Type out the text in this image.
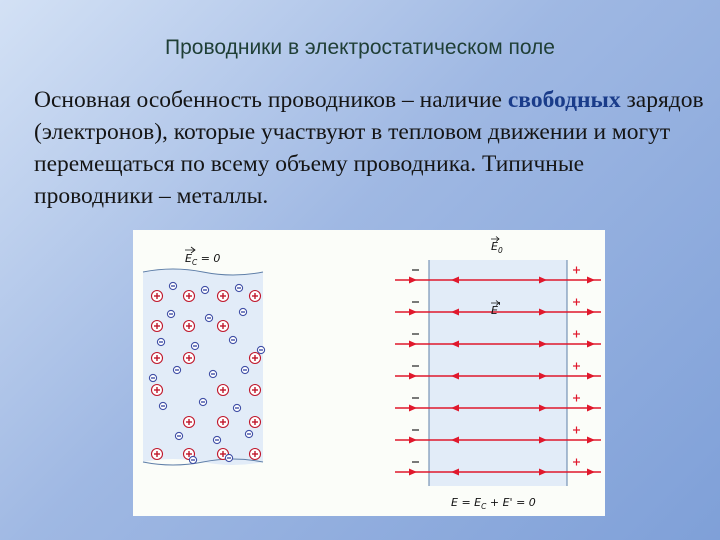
Проводники в электростатическом поле
Основная особенность проводников – наличие свободных зарядов (электронов), которые участвуют в тепловом движении и могут перемещаться по всему объему проводника. Типичные проводники – металлы.
$E_C = 0$
$E_0$
E'
$E = E_C + E' = 0$
